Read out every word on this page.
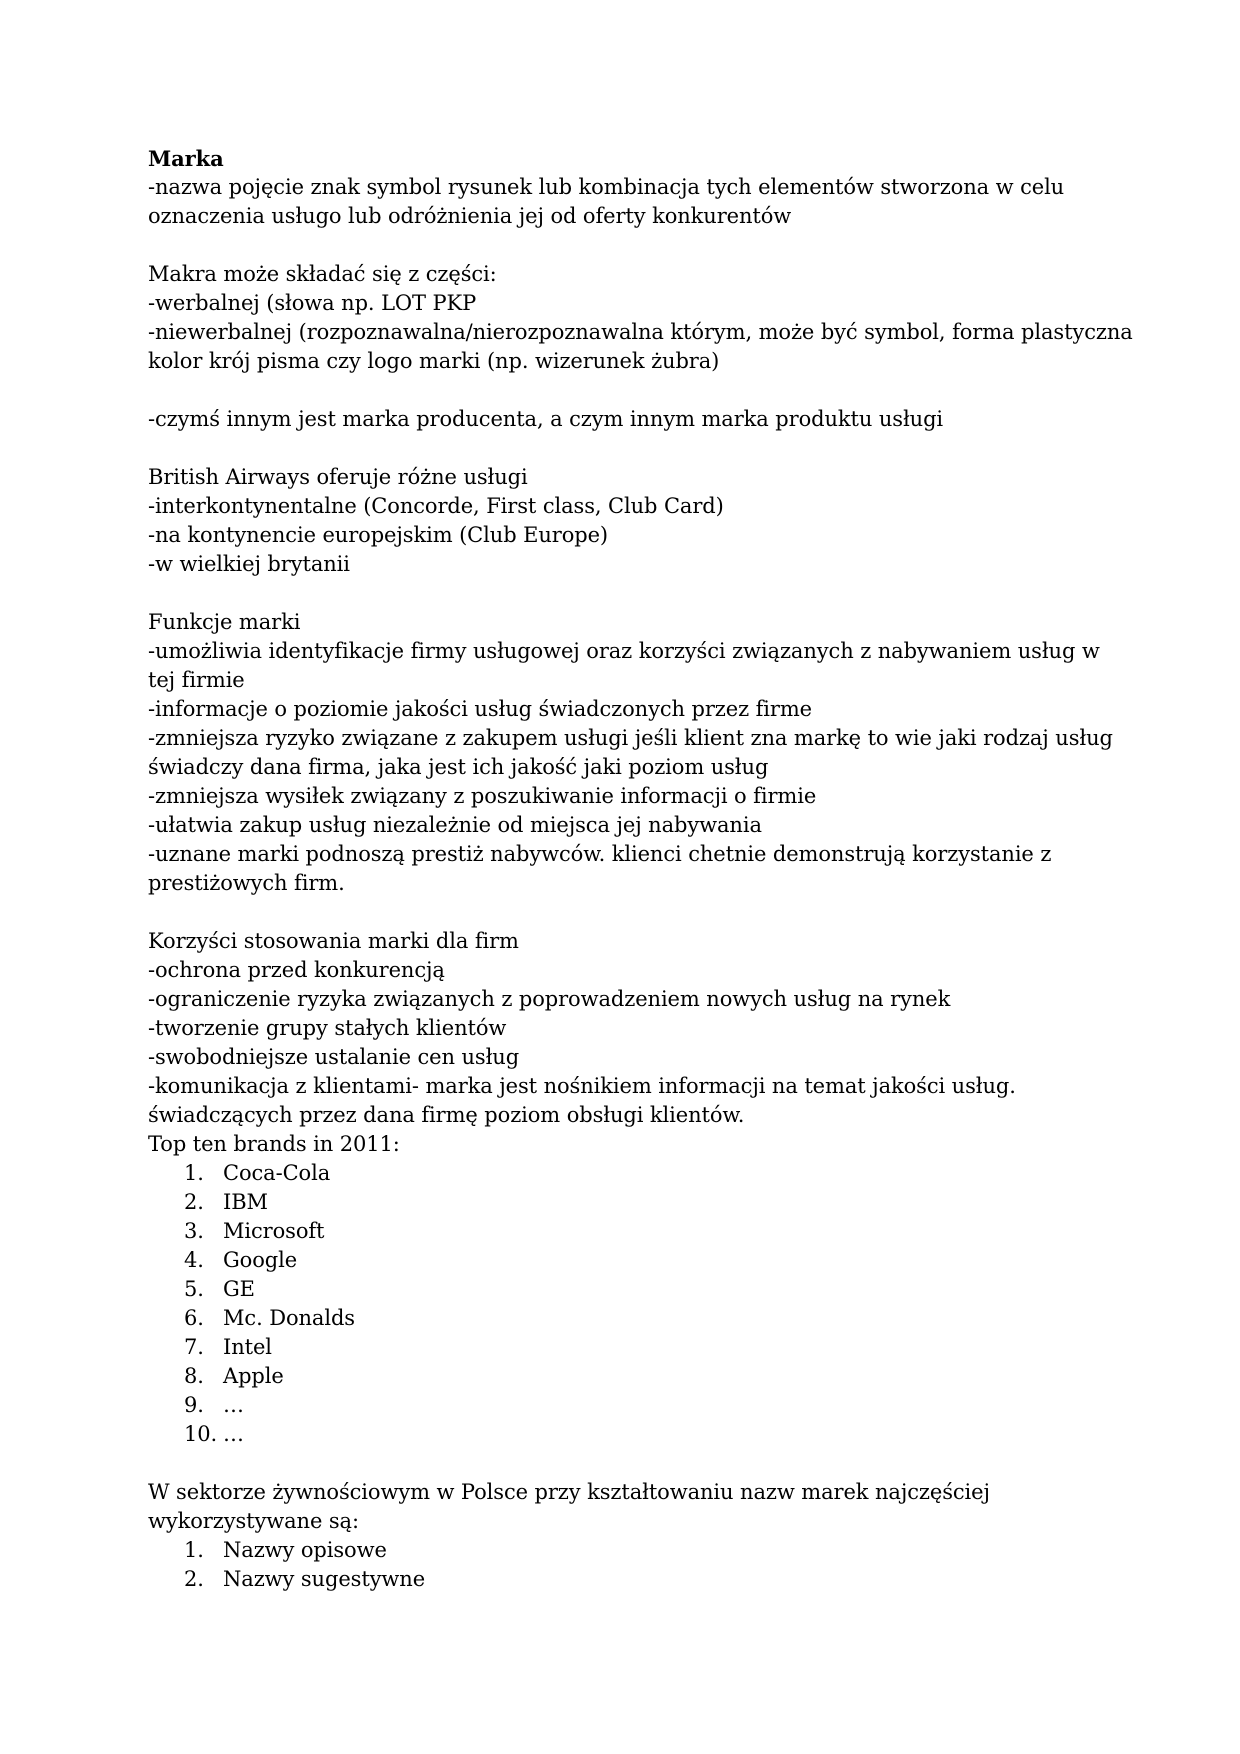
Marka
-nazwa pojęcie znak symbol rysunek lub kombinacja tych elementów stworzona w celu
oznaczenia usługo lub odróżnienia jej od oferty konkurentów
Makra może składać się z części:
-werbalnej (słowa np. LOT PKP
-niewerbalnej (rozpoznawalna/nierozpoznawalna którym, może być symbol, forma plastyczna
kolor krój pisma czy logo marki (np. wizerunek żubra)
-czymś innym jest marka producenta, a czym innym marka produktu usługi
British Airways oferuje różne usługi
-interkontynentalne (Concorde, First class, Club Card)
-na kontynencie europejskim (Club Europe)
-w wielkiej brytanii
Funkcje marki
-umożliwia identyfikacje firmy usługowej oraz korzyści związanych z nabywaniem usług w
tej firmie
-informacje o poziomie jakości usług świadczonych przez firme
-zmniejsza ryzyko związane z zakupem usługi jeśli klient zna markę to wie jaki rodzaj usług
świadczy dana firma, jaka jest ich jakość jaki poziom usług
-zmniejsza wysiłek związany z poszukiwanie informacji o firmie
-ułatwia zakup usług niezależnie od miejsca jej nabywania
-uznane marki podnoszą prestiż nabywców. klienci chetnie demonstrują korzystanie z
prestiżowych firm.
Korzyści stosowania marki dla firm
-ochrona przed konkurencją
-ograniczenie ryzyka związanych z poprowadzeniem nowych usług na rynek
-tworzenie grupy stałych klientów
-swobodniejsze ustalanie cen usług
-komunikacja z klientami- marka jest nośnikiem informacji na temat jakości usług.
świadczących przez dana firmę poziom obsługi klientów.
Top ten brands in 2011:
1. Coca-Cola
2. IBM
3. Microsoft
4. Google
5. GE
6. Mc. Donalds
7. Intel
8. Apple
9. …
10. …
W sektorze żywnościowym w Polsce przy kształtowaniu nazw marek najczęściej
wykorzystywane są:
1. Nazwy opisowe
2. Nazwy sugestywne
